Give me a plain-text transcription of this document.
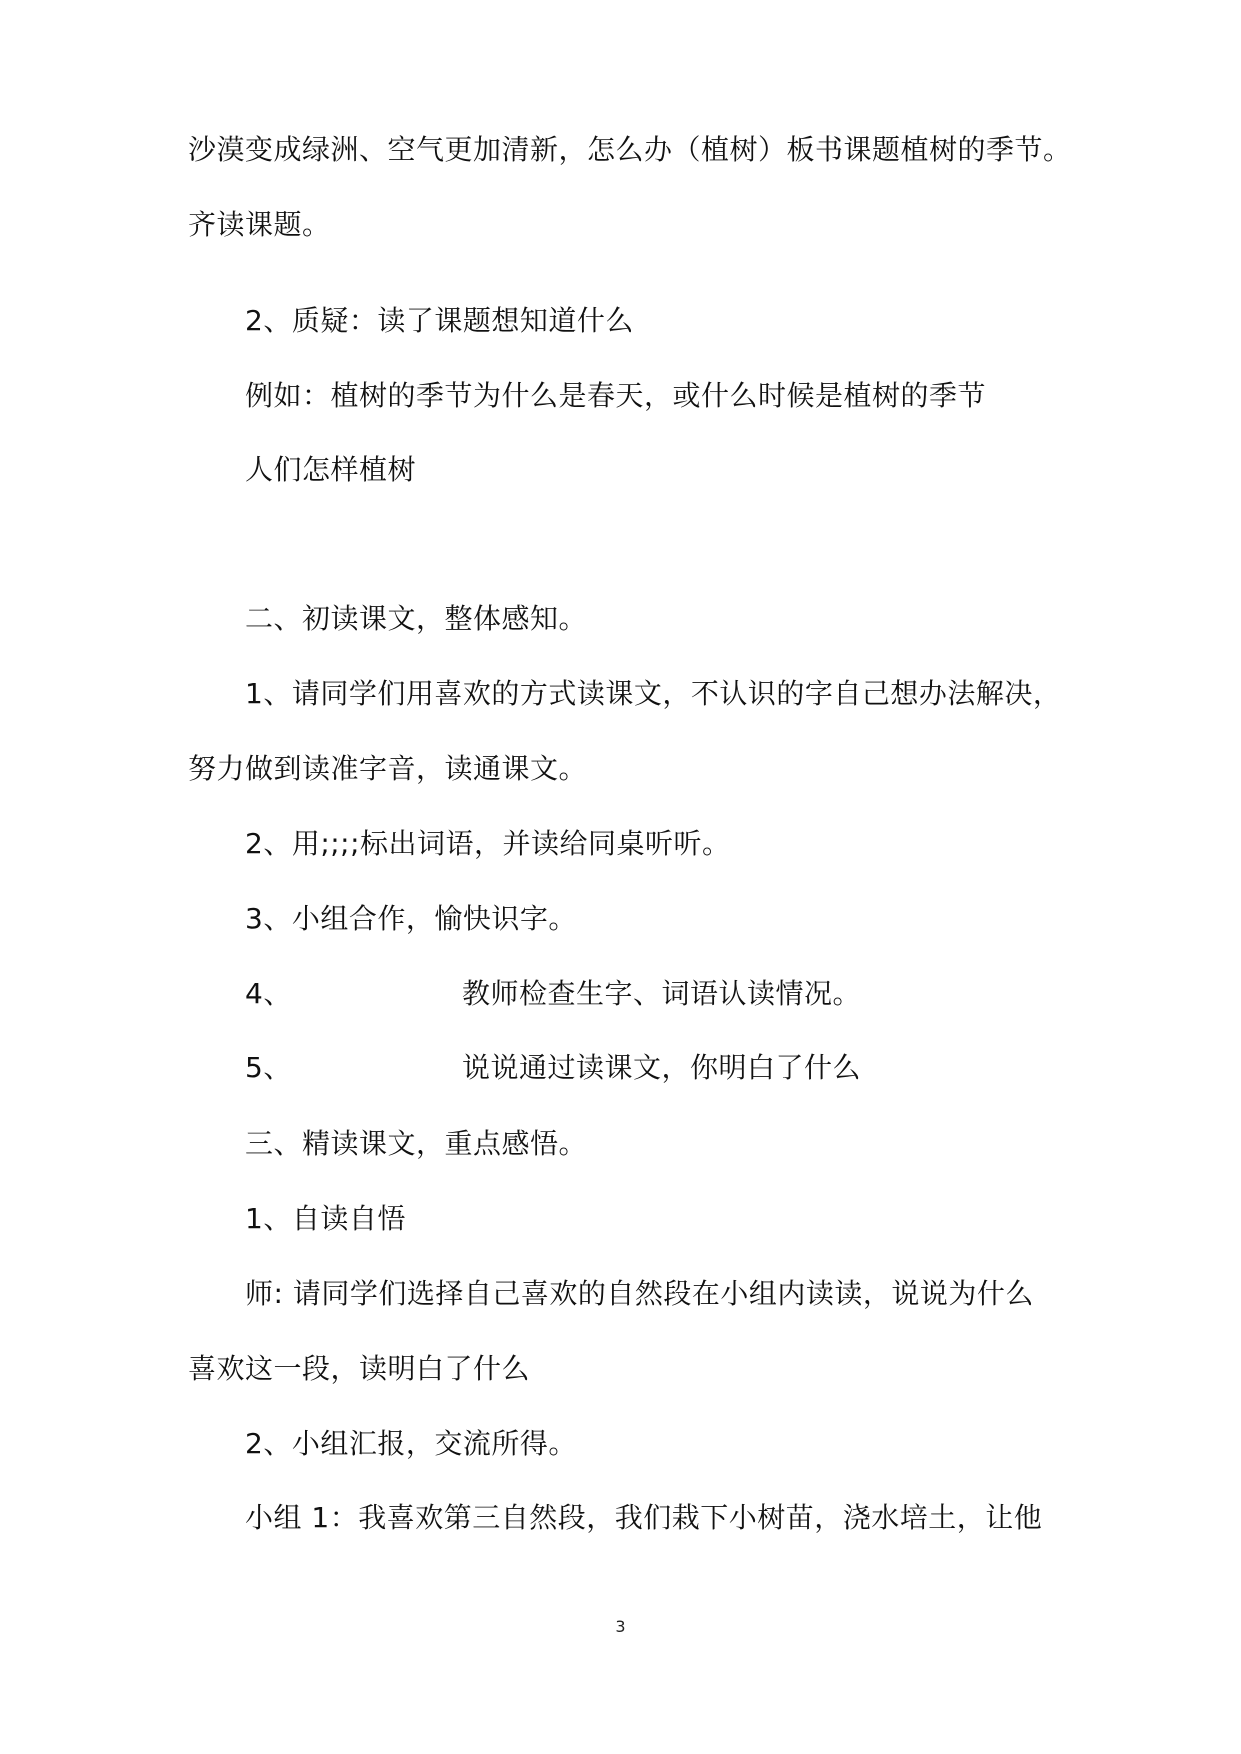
沙漠变成绿洲、空气更加清新，怎么办（植树）板书课题植树的季节。
齐读课题。
2、质疑：读了课题想知道什么
例如：植树的季节为什么是春天，或什么时候是植树的季节
人们怎样植树
二、初读课文，整体感知。
1、请同学们用喜欢的方式读课文，不认识的字自己想办法解决，
努力做到读准字音，读通课文。
2、用;;;;标出词语，并读给同桌听听。
3、小组合作，愉快识字。
4、	教师检查生字、词语认读情况。
5、	说说通过读课文，你明白了什么
三、精读课文，重点感悟。
1、自读自悟
师: 请同学们选择自己喜欢的自然段在小组内读读，说说为什么
喜欢这一段，读明白了什么
2、小组汇报，交流所得。
小组 1：我喜欢第三自然段，我们栽下小树苗，浇水培土，让他
3
